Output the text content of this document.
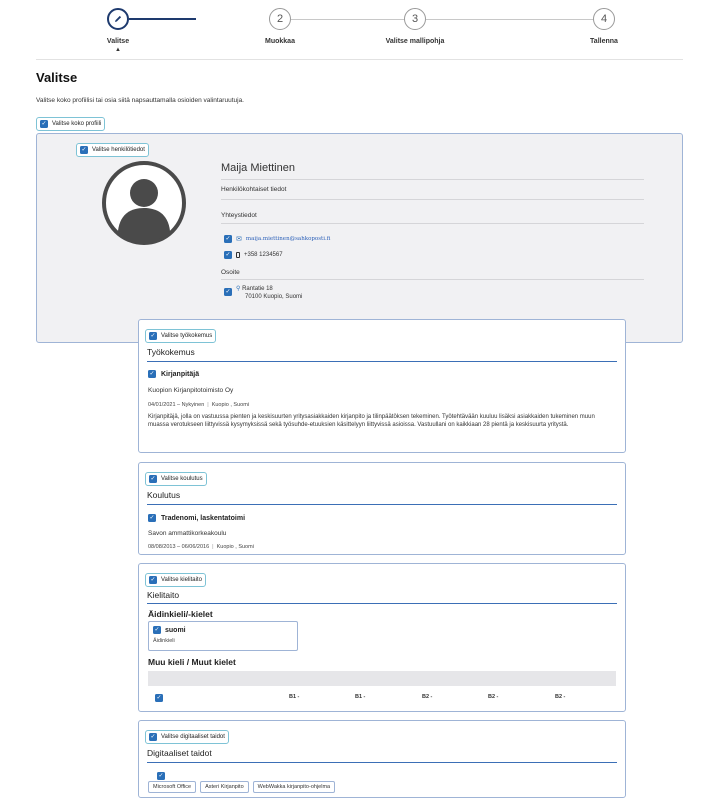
2	3	4
Valitse
▲
Muokkaa	Valitse mallipohja	Tallenna
Valitse
Valitse koko profiilisi tai osia siitä napsauttamalla osioiden valintaruutuja.
✓ Valitse koko profiili
✓ Valitse henkilötiedot
Maija Miettinen
Henkilökohtaiset tiedot
Yhteystiedot
✓ ✉ maija.miettinen@sahkoposti.fi
✓ +358 1234567
Osoite
✓ ⚲ Rantatie 18
70100 Kuopio, Suomi
✓ Valitse työkokemus
Työkokemus
✓ Kirjanpitäjä
Kuopion Kirjanpitotoimisto Oy
04/01/2021 – Nykyinen | Kuopio , Suomi
Kirjanpitäjä, jolla on vastuussa pienten ja keskisuurten yritysasiakkaiden kirjanpito ja tilinpäätöksen tekeminen. Työtehtävään kuuluu lisäksi asiakkaiden tukeminen muun muassa verotukseen liittyvissä kysymyksissä sekä työsuhde-etuuksien käsittelyyn liittyvissä asioissa. Vastuullani on kaikkiaan 28 pientä ja keskisuurta yritystä.
✓ Valitse koulutus
Koulutus
✓ Tradenomi, laskentatoimi
Savon ammattikorkeakoulu
08/08/2013 – 06/06/2016 | Kuopio , Suomi
✓ Valitse kielitaito
Kielitaito
Äidinkieli/-kielet
✓ suomi
Äidinkieli
Muu kieli / Muut kielet
✓	B1 -	B1 -	B2 -	B2 -	B2 -
✓ Valitse digitaaliset taidot
Digitaaliset taidot
✓
Microsoft Office	Asteri Kirjanpito	WebWakka kirjanpito-ohjelma
